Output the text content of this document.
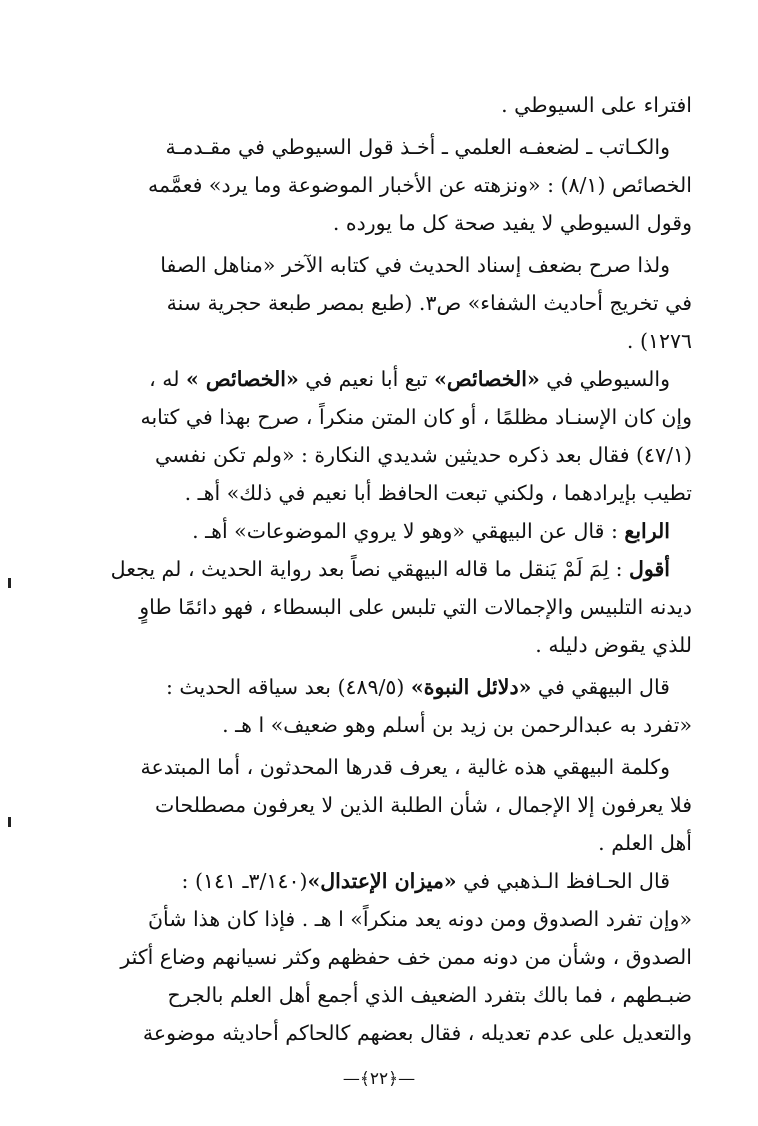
افتراء على السيوطي .
والكـاتب ـ لضعفـه العلمي ـ أخـذ قول السيوطي في مقـدمـة
الخصائص (٨/١) : «ونزهته عن الأخبار الموضوعة وما يرد» فعمَّمه
وقول السيوطي لا يفيد صحة كل ما يورده .
ولذا صرح بضعف إسناد الحديث في كتابه الآخر «مناهل الصفا
في تخريج أحاديث الشفاء» ص٣. (طبع بمصر طبعة حجرية سنة
١٢٧٦) .
والسيوطي في «الخصائص» تبع أبا نعيم في «الخصائص » له ،
وإن كان الإسنـاد مظلمًا ، أو كان المتن منكراً ، صرح بهذا في كتابه
(٤٧/١) فقال بعد ذكره حديثين شديدي النكارة : «ولم تكن نفسي
تطيب بإيرادهما ، ولكني تبعت الحافظ أبا نعيم في ذلك» أهـ .
الرابع : قال عن البيهقي «وهو لا يروي الموضوعات» أهـ .
أقول : لِمَ لَمْ يَنقل ما قاله البيهقي نصاً بعد رواية الحديث ، لم يجعل
ديدنه التلبيس والإجمالات التي تلبس على البسطاء ، فهو دائمًا طاوٍ
للذي يقوض دليله .
قال البيهقي في «دلائل النبوة» (٤٨٩/٥) بعد سياقه الحديث :
«تفرد به عبدالرحمن بن زيد بن أسلم وهو ضعيف» ا هـ .
وكلمة البيهقي هذه غالية ، يعرف قدرها المحدثون ، أما المبتدعة
فلا يعرفون إلا الإجمال ، شأن الطلبة الذين لا يعرفون مصطلحات
أهل العلم .
قال الحـافظ الـذهبي في «ميزان الإعتدال»(٣/١٤٠ـ ١٤١) :
«وإن تفرد الصدوق ومن دونه يعد منكراً» ا هـ . فإذا كان هذا شأنَ
الصدوق ، وشأن من دونه ممن خف حفظهم وكثر نسيانهم وضاع أكثر
ضبـطهم ، فما بالك بتفرد الضعيف الذي أجمع أهل العلم بالجرح
والتعديل على عدم تعديله ، فقال بعضهم كالحاكم أحاديثه موضوعة
—﴿٢٢﴾—
